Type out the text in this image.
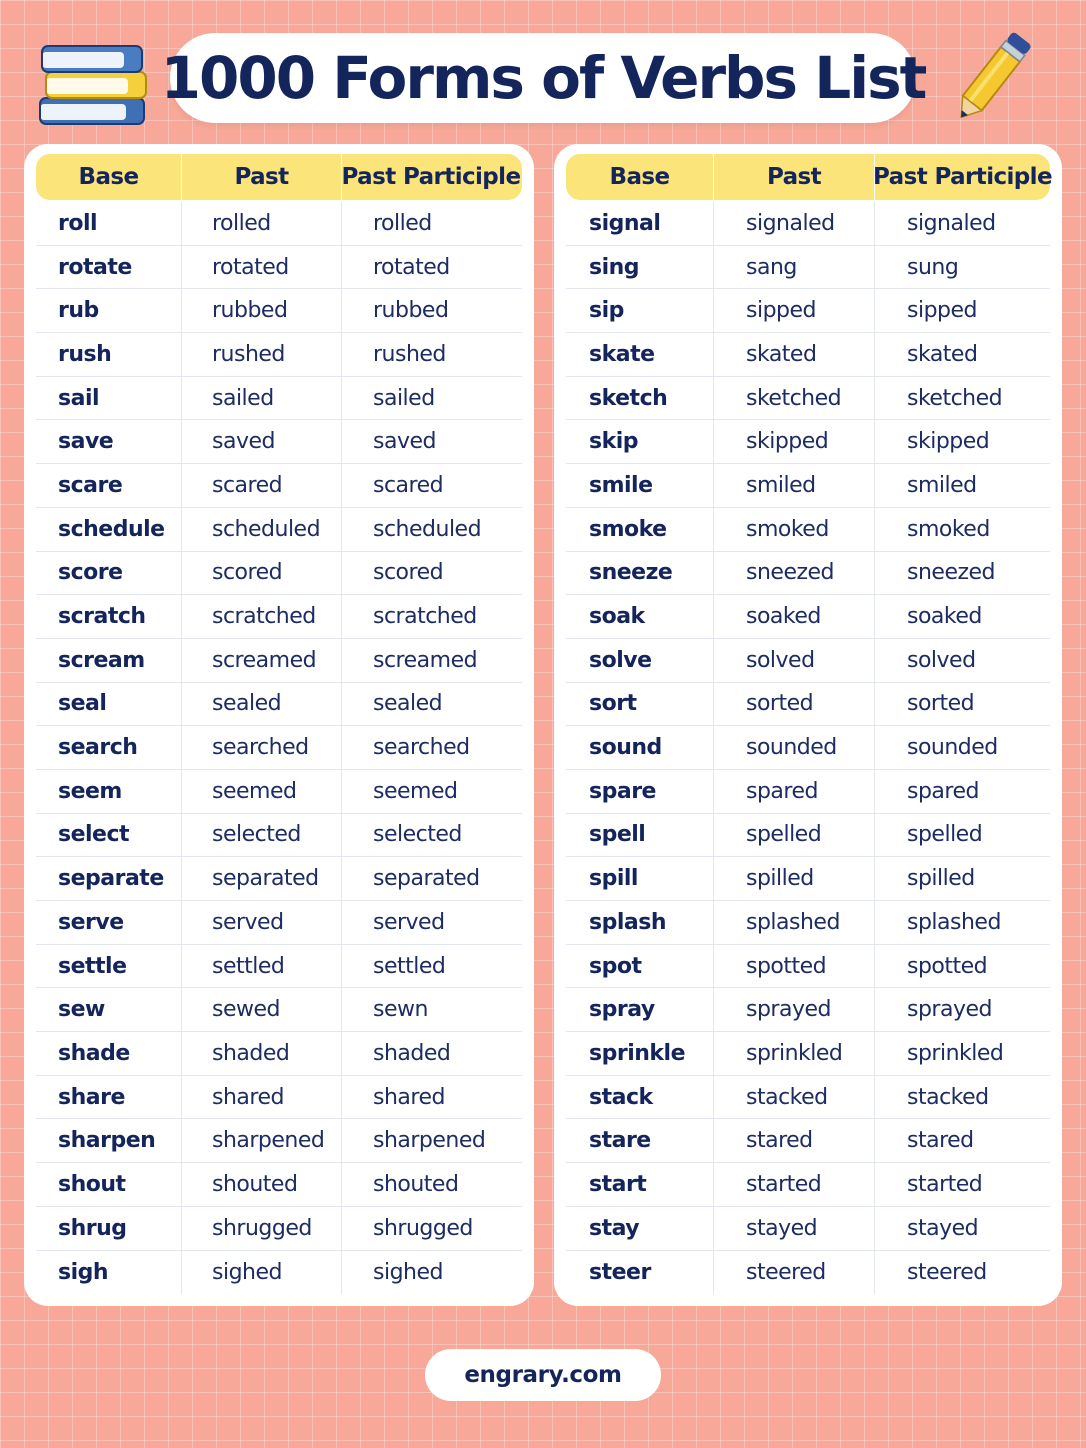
1000 Forms of Verbs List
Base	Past	Past Participle
roll	rolled	rolled
rotate	rotated	rotated
rub	rubbed	rubbed
rush	rushed	rushed
sail	sailed	sailed
save	saved	saved
scare	scared	scared
schedule	scheduled	scheduled
score	scored	scored
scratch	scratched	scratched
scream	screamed	screamed
seal	sealed	sealed
search	searched	searched
seem	seemed	seemed
select	selected	selected
separate	separated	separated
serve	served	served
settle	settled	settled
sew	sewed	sewn
shade	shaded	shaded
share	shared	shared
sharpen	sharpened	sharpened
shout	shouted	shouted
shrug	shrugged	shrugged
sigh	sighed	sighed
Base	Past	Past Participle
signal	signaled	signaled
sing	sang	sung
sip	sipped	sipped
skate	skated	skated
sketch	sketched	sketched
skip	skipped	skipped
smile	smiled	smiled
smoke	smoked	smoked
sneeze	sneezed	sneezed
soak	soaked	soaked
solve	solved	solved
sort	sorted	sorted
sound	sounded	sounded
spare	spared	spared
spell	spelled	spelled
spill	spilled	spilled
splash	splashed	splashed
spot	spotted	spotted
spray	sprayed	sprayed
sprinkle	sprinkled	sprinkled
stack	stacked	stacked
stare	stared	stared
start	started	started
stay	stayed	stayed
steer	steered	steered
engrary.com
